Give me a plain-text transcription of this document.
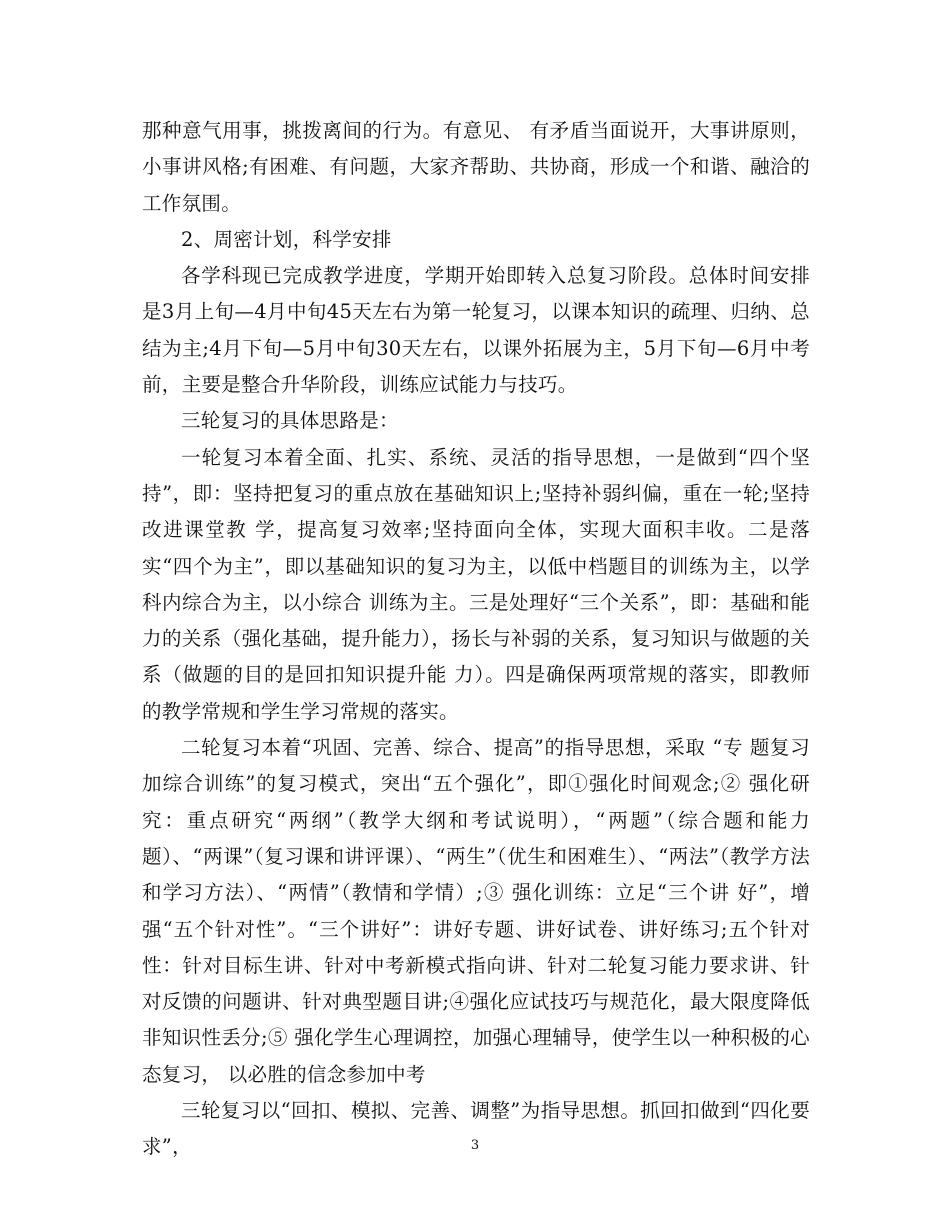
那种意气用事，挑拨离间的行为。有意见、 有矛盾当面说开，大事讲原则，小事讲风格;有困难、有问题，大家齐帮助、共协商，形成一个和谐、融洽的工作氛围。

2、周密计划，科学安排

各学科现已完成教学进度，学期开始即转入总复习阶段。总体时间安排是3月上旬—4月中旬45天左右为第一轮复习，以课本知识的疏理、归纳、总结为主;4月下旬—5月中旬30天左右，以课外拓展为主，5月下旬—6月中考前，主要是整合升华阶段，训练应试能力与技巧。

三轮复习的具体思路是：

一轮复习本着全面、扎实、系统、灵活的指导思想，一是做到“四个坚持”，即：坚持把复习的重点放在基础知识上;坚持补弱纠偏，重在一轮;坚持改进课堂教 学，提高复习效率;坚持面向全体，实现大面积丰收。二是落实“四个为主”，即以基础知识的复习为主，以低中档题目的训练为主，以学科内综合为主，以小综合 训练为主。三是处理好“三个关系”，即：基础和能力的关系（强化基础，提升能力），扬长与补弱的关系，复习知识与做题的关系（做题的目的是回扣知识提升能 力）。四是确保两项常规的落实，即教师的教学常规和学生学习常规的落实。

二轮复习本着“巩固、完善、综合、提高”的指导思想，采取 “专 题复习加综合训练”的复习模式，突出“五个强化”，即①强化时间观念;② 强化研究：重点研究“两纲”（教学大纲和考试说明），“两题”（综合题和能力 题）、“两课”（复习课和讲评课）、“两生”（优生和困难生）、“两法”（教学方法和学习方法）、“两情”（教情和学情）;③ 强化训练：立足“三个讲 好”，增强“五个针对性”。“三个讲好”：讲好专题、讲好试卷、讲好练习;五个针对性：针对目标生讲、针对中考新模式指向讲、针对二轮复习能力要求讲、针 对反馈的问题讲、针对典型题目讲;④强化应试技巧与规范化，最大限度降低非知识性丢分;⑤ 强化学生心理调控，加强心理辅导，使学生以一种积极的心态复习， 以必胜的信念参加中考

三轮复习以“回扣、模拟、完善、调整”为指导思想。抓回扣做到“四化要求”，	3
